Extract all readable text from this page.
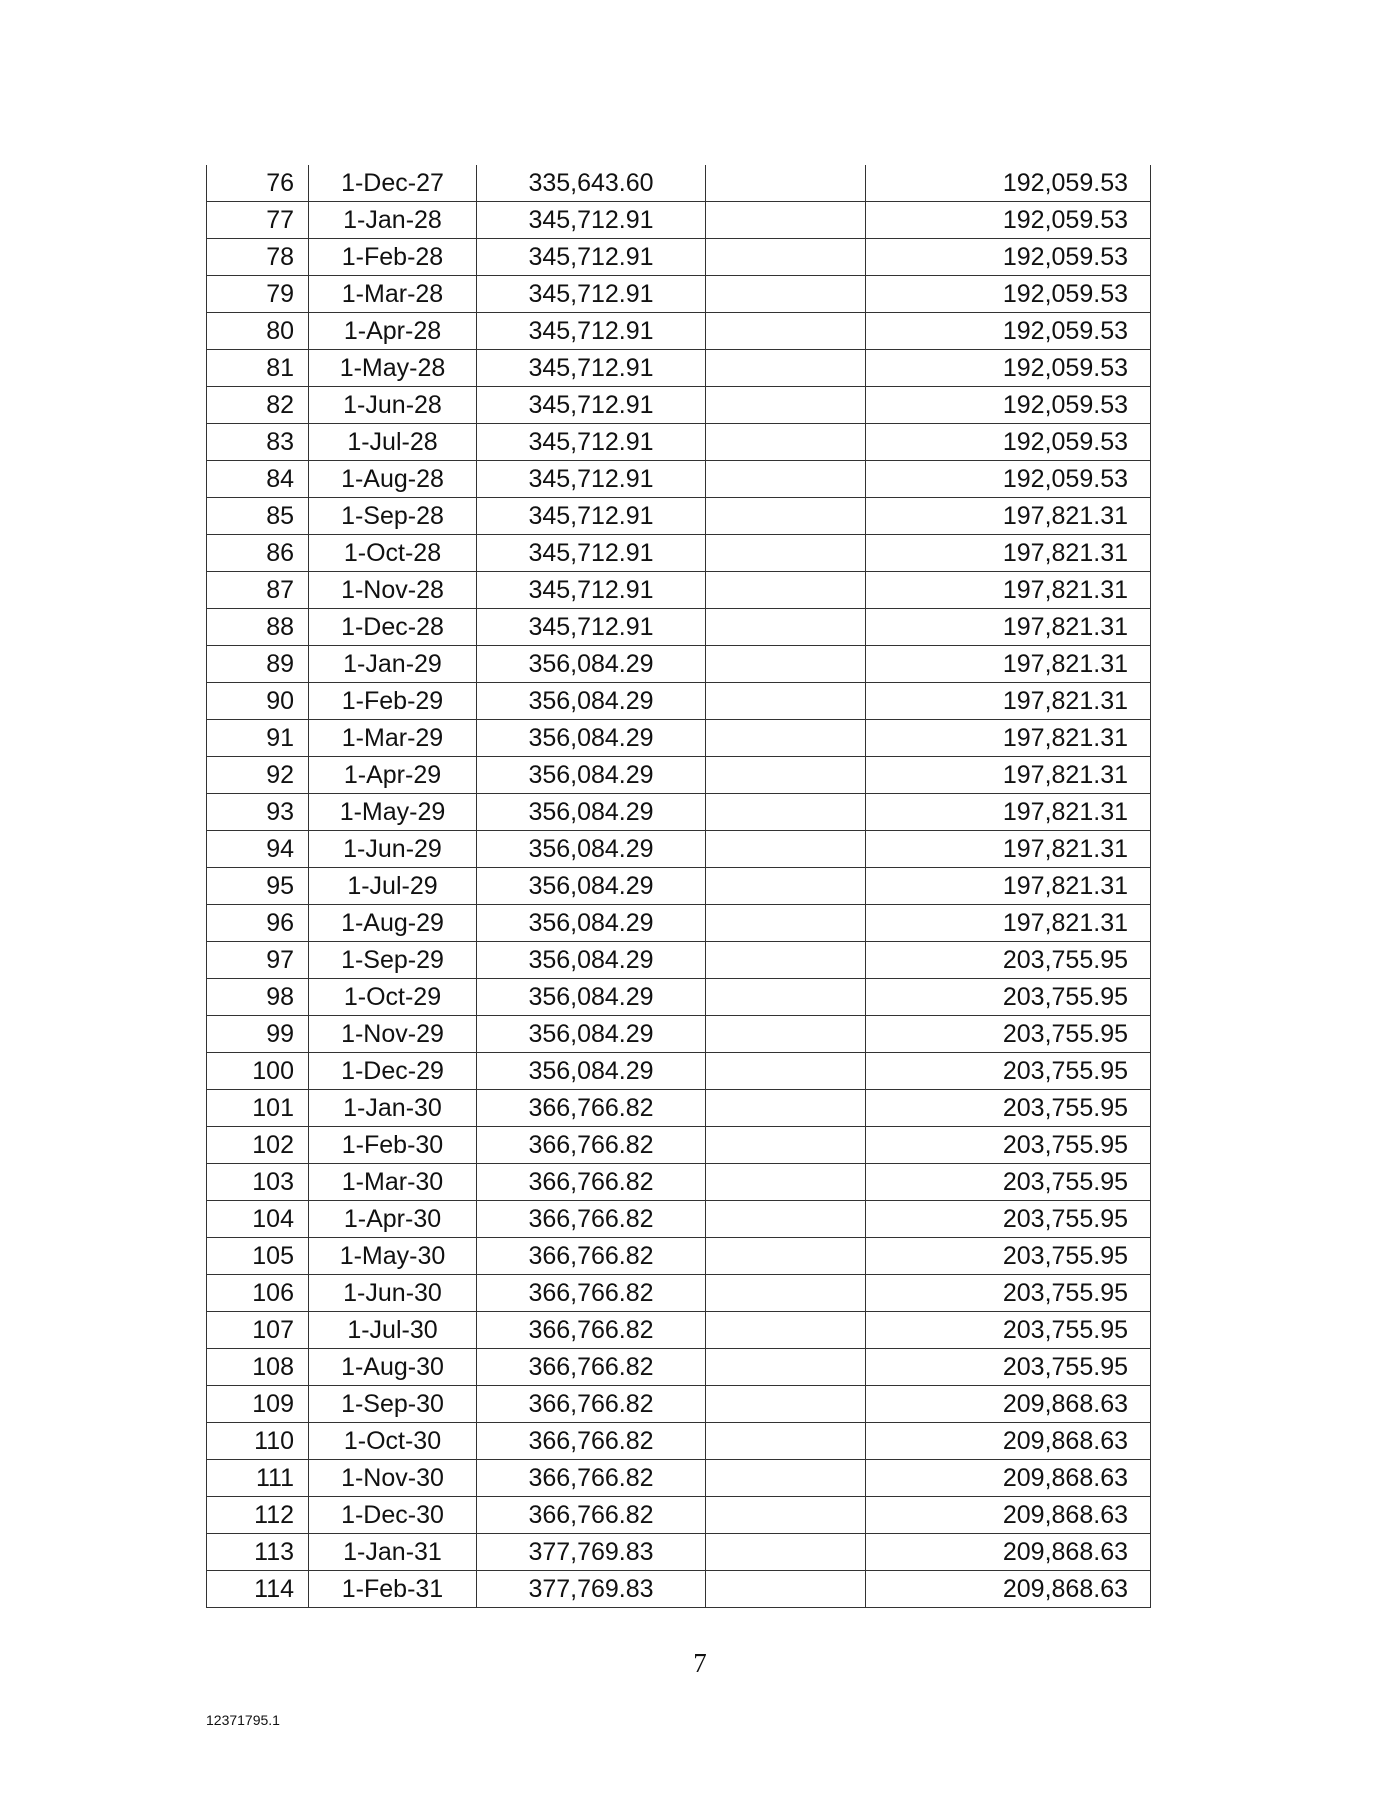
76	1-Dec-27	335,643.60		192,059.53
77	1-Jan-28	345,712.91		192,059.53
78	1-Feb-28	345,712.91		192,059.53
79	1-Mar-28	345,712.91		192,059.53
80	1-Apr-28	345,712.91		192,059.53
81	1-May-28	345,712.91		192,059.53
82	1-Jun-28	345,712.91		192,059.53
83	1-Jul-28	345,712.91		192,059.53
84	1-Aug-28	345,712.91		192,059.53
85	1-Sep-28	345,712.91		197,821.31
86	1-Oct-28	345,712.91		197,821.31
87	1-Nov-28	345,712.91		197,821.31
88	1-Dec-28	345,712.91		197,821.31
89	1-Jan-29	356,084.29		197,821.31
90	1-Feb-29	356,084.29		197,821.31
91	1-Mar-29	356,084.29		197,821.31
92	1-Apr-29	356,084.29		197,821.31
93	1-May-29	356,084.29		197,821.31
94	1-Jun-29	356,084.29		197,821.31
95	1-Jul-29	356,084.29		197,821.31
96	1-Aug-29	356,084.29		197,821.31
97	1-Sep-29	356,084.29		203,755.95
98	1-Oct-29	356,084.29		203,755.95
99	1-Nov-29	356,084.29		203,755.95
100	1-Dec-29	356,084.29		203,755.95
101	1-Jan-30	366,766.82		203,755.95
102	1-Feb-30	366,766.82		203,755.95
103	1-Mar-30	366,766.82		203,755.95
104	1-Apr-30	366,766.82		203,755.95
105	1-May-30	366,766.82		203,755.95
106	1-Jun-30	366,766.82		203,755.95
107	1-Jul-30	366,766.82		203,755.95
108	1-Aug-30	366,766.82		203,755.95
109	1-Sep-30	366,766.82		209,868.63
110	1-Oct-30	366,766.82		209,868.63
111	1-Nov-30	366,766.82		209,868.63
112	1-Dec-30	366,766.82		209,868.63
113	1-Jan-31	377,769.83		209,868.63
114	1-Feb-31	377,769.83		209,868.63
7
12371795.1
